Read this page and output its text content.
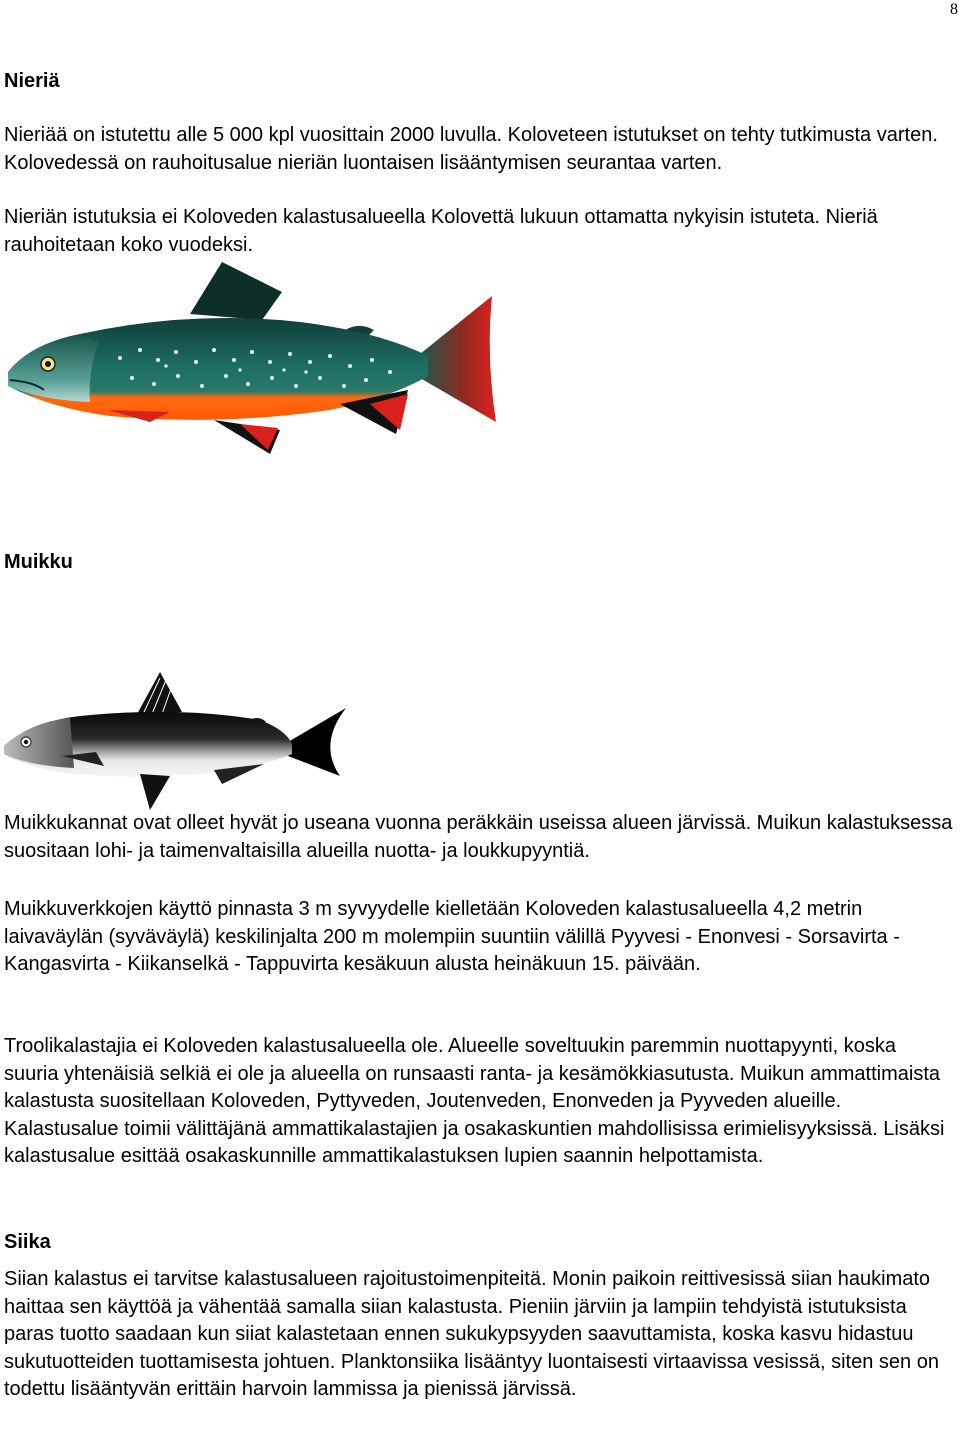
8
Nieriä

Nieriää on istutettu alle 5 000 kpl vuosittain 2000 luvulla. Koloveteen istutukset on tehty tutkimusta varten. Kolovedessä on rauhoitusalue nieriän luontaisen lisääntymisen seurantaa varten.

Nieriän istutuksia ei Koloveden kalastusalueella Kolovettä lukuun ottamatta nykyisin istuteta. Nieriä rauhoitetaan koko vuodeksi.

Muikku

Muikkukannat ovat olleet hyvät jo useana vuonna peräkkäin useissa alueen järvissä. Muikun kalastuksessa suositaan lohi- ja taimenvaltaisilla alueilla nuotta- ja loukkupyyntiä.

Muikkuverkkojen käyttö pinnasta 3 m syvyydelle kielletään Koloveden kalastusalueella 4,2 metrin laivaväylän (syväväylä) keskilinjalta 200 m molempiin suuntiin välillä Pyyvesi - Enonvesi - Sorsavirta - Kangasvirta - Kiikanselkä - Tappuvirta kesäkuun alusta heinäkuun 15. päivään.

Troolikalastajia ei Koloveden kalastusalueella ole. Alueelle soveltuukin paremmin nuottapyynti, koska suuria yhtenäisiä selkiä ei ole ja alueella on runsaasti ranta- ja kesämökkiasutusta. Muikun ammattimaista kalastusta suositellaan Koloveden, Pyttyveden, Joutenveden, Enonveden ja Pyyveden alueille. Kalastusalue toimii välittäjänä ammattikalastajien ja osakaskuntien mahdollisissa erimielisyyksissä. Lisäksi kalastusalue esittää osakaskunnille ammattikalastuksen lupien saannin helpottamista.

Siika

Siian kalastus ei tarvitse kalastusalueen rajoitustoimenpiteitä. Monin paikoin reittivesissä siian haukimato haittaa sen käyttöä ja vähentää samalla siian kalastusta. Pieniin järviin ja lampiin tehdyistä istutuksista paras tuotto saadaan kun siiat kalastetaan ennen sukukypsyyden saavuttamista, koska kasvu hidastuu sukutuotteiden tuottamisesta johtuen. Planktonsiika lisääntyy luontaisesti virtaavissa vesissä, siten sen on todettu lisääntyvän erittäin harvoin lammissa ja pienissä järvissä.
